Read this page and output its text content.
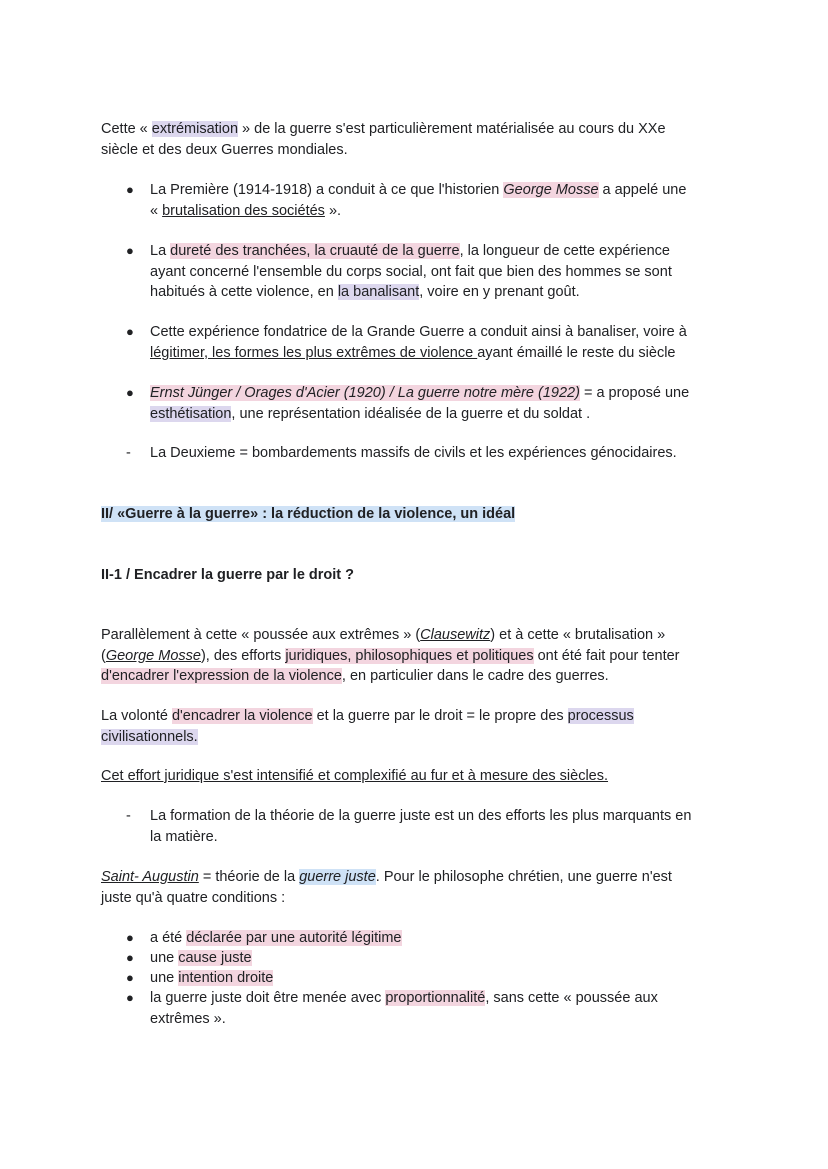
Cette « extrémisation » de la guerre s'est particulièrement matérialisée au cours du XXe
siècle et des deux Guerres mondiales.
● La Première (1914-1918) a conduit à ce que l'historien George Mosse a appelé une
« brutalisation des sociétés ».
● La dureté des tranchées, la cruauté de la guerre, la longueur de cette expérience
ayant concerné l'ensemble du corps social, ont fait que bien des hommes se sont
habitués à cette violence, en la banalisant, voire en y prenant goût.
● Cette expérience fondatrice de la Grande Guerre a conduit ainsi à banaliser, voire à
légitimer, les formes les plus extrêmes de violence ayant émaillé le reste du siècle
● Ernst Jünger / Orages d'Acier (1920) / La guerre notre mère (1922) = a proposé une
esthétisation, une représentation idéalisée de la guerre et du soldat .
- La Deuxieme = bombardements massifs de civils et les expériences génocidaires.
II/ «Guerre à la guerre» : la réduction de la violence, un idéal
II-1 / Encadrer la guerre par le droit ?
Parallèlement à cette « poussée aux extrêmes » (Clausewitz) et à cette « brutalisation »
(George Mosse), des efforts juridiques, philosophiques et politiques ont été fait pour tenter
d'encadrer l'expression de la violence, en particulier dans le cadre des guerres.
La volonté d'encadrer la violence et la guerre par le droit = le propre des processus
civilisationnels.
Cet effort juridique s'est intensifié et complexifié au fur et à mesure des siècles.
- La formation de la théorie de la guerre juste est un des efforts les plus marquants en
la matière.
Saint- Augustin = théorie de la guerre juste. Pour le philosophe chrétien, une guerre n'est
juste qu'à quatre conditions :
● a été déclarée par une autorité légitime
● une cause juste
● une intention droite
● la guerre juste doit être menée avec proportionnalité, sans cette « poussée aux
extrêmes ».
